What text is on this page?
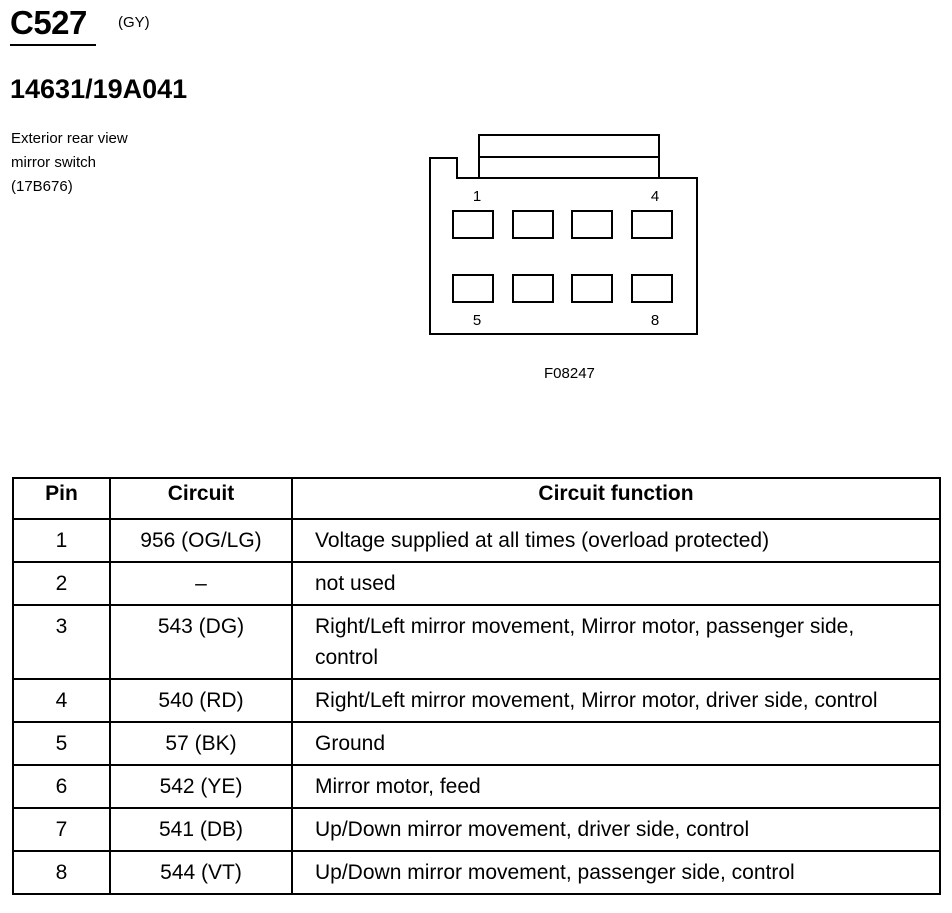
C527 (GY)
14631/19A041
Exterior rear view
mirror switch
(17B676)
1	4
5	8
F08247
Pin	Circuit	Circuit function
1	956 (OG/LG)	Voltage supplied at all times (overload protected)
2	–	not used
3	543 (DG)	Right/Left mirror movement, Mirror motor, passenger side, control
4	540 (RD)	Right/Left mirror movement, Mirror motor, driver side, control
5	57 (BK)	Ground
6	542 (YE)	Mirror motor, feed
7	541 (DB)	Up/Down mirror movement, driver side, control
8	544 (VT)	Up/Down mirror movement, passenger side, control
